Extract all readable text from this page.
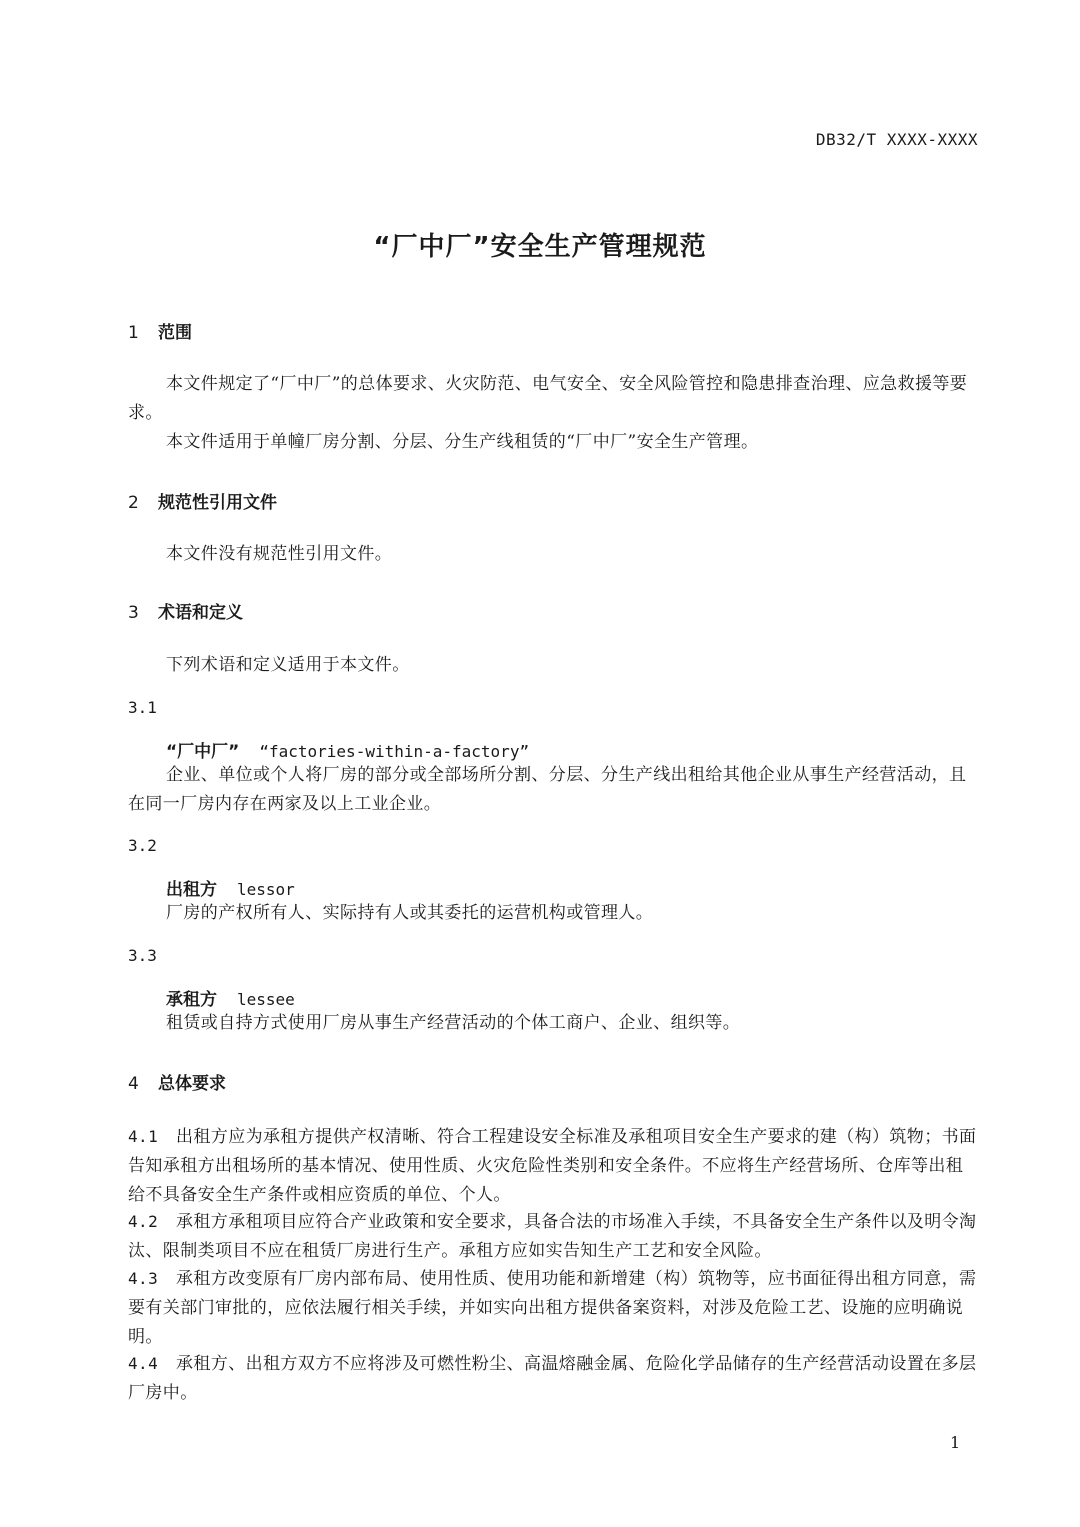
DB32/T XXXX-XXXX
“厂中厂”安全生产管理规范
1 范围
本文件规定了“厂中厂”的总体要求、火灾防范、电气安全、安全风险管控和隐患排查治理、应急救援等要求。
本文件适用于单幢厂房分割、分层、分生产线租赁的“厂中厂”安全生产管理。
2 规范性引用文件
本文件没有规范性引用文件。
3 术语和定义
下列术语和定义适用于本文件。
3.1
“厂中厂” “factories-within-a-factory”
企业、单位或个人将厂房的部分或全部场所分割、分层、分生产线出租给其他企业从事生产经营活动，且在同一厂房内存在两家及以上工业企业。
3.2
出租方 lessor
厂房的产权所有人、实际持有人或其委托的运营机构或管理人。
3.3
承租方 lessee
租赁或自持方式使用厂房从事生产经营活动的个体工商户、企业、组织等。
4 总体要求
4.1 出租方应为承租方提供产权清晰、符合工程建设安全标准及承租项目安全生产要求的建（构）筑物；书面告知承租方出租场所的基本情况、使用性质、火灾危险性类别和安全条件。不应将生产经营场所、仓库等出租给不具备安全生产条件或相应资质的单位、个人。
4.2 承租方承租项目应符合产业政策和安全要求，具备合法的市场准入手续，不具备安全生产条件以及明令淘汰、限制类项目不应在租赁厂房进行生产。承租方应如实告知生产工艺和安全风险。
4.3 承租方改变原有厂房内部布局、使用性质、使用功能和新增建（构）筑物等，应书面征得出租方同意，需要有关部门审批的，应依法履行相关手续，并如实向出租方提供备案资料，对涉及危险工艺、设施的应明确说明。
4.4 承租方、出租方双方不应将涉及可燃性粉尘、高温熔融金属、危险化学品储存的生产经营活动设置在多层厂房中。
1
